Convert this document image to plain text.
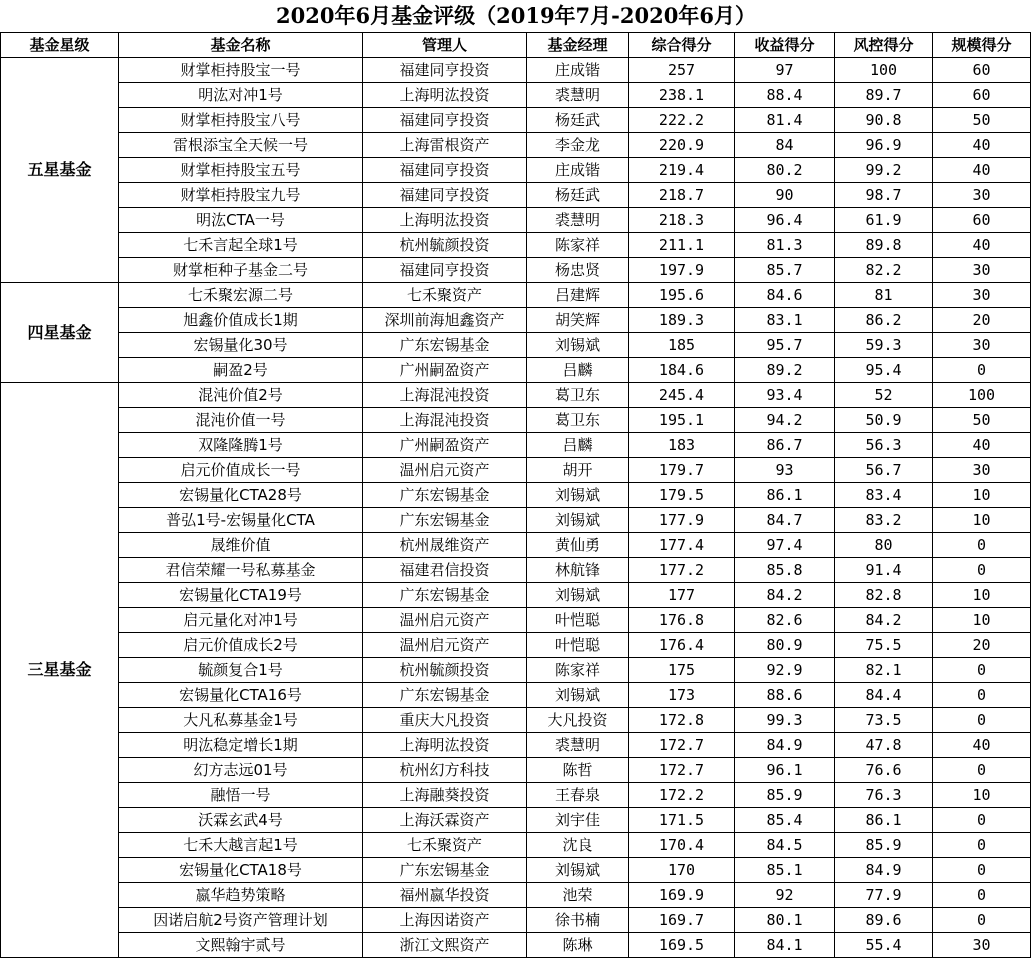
2020年6月基金评级（2019年7月-2020年6月）
基金星级	基金名称	管理人	基金经理	综合得分	收益得分	风控得分	规模得分
五星基金	财掌柜持股宝一号	福建同亨投资	庄成锴	257	97	100	60
	明汯对冲1号	上海明汯投资	裘慧明	238.1	88.4	89.7	60
	财掌柜持股宝八号	福建同亨投资	杨廷武	222.2	81.4	90.8	50
	雷根添宝全天候一号	上海雷根资产	李金龙	220.9	84	96.9	40
	财掌柜持股宝五号	福建同亨投资	庄成锴	219.4	80.2	99.2	40
	财掌柜持股宝九号	福建同亨投资	杨廷武	218.7	90	98.7	30
	明汯CTA一号	上海明汯投资	裘慧明	218.3	96.4	61.9	60
	七禾言起全球1号	杭州毓颜投资	陈家祥	211.1	81.3	89.8	40
	财掌柜种子基金二号	福建同亨投资	杨忠贤	197.9	85.7	82.2	30
四星基金	七禾聚宏源二号	七禾聚资产	吕建辉	195.6	84.6	81	30
	旭鑫价值成长1期	深圳前海旭鑫资产	胡笑辉	189.3	83.1	86.2	20
	宏锡量化30号	广东宏锡基金	刘锡斌	185	95.7	59.3	30
	嗣盈2号	广州嗣盈资产	吕麟	184.6	89.2	95.4	0
三星基金	混沌价值2号	上海混沌投资	葛卫东	245.4	93.4	52	100
	混沌价值一号	上海混沌投资	葛卫东	195.1	94.2	50.9	50
	双隆隆腾1号	广州嗣盈资产	吕麟	183	86.7	56.3	40
	启元价值成长一号	温州启元资产	胡开	179.7	93	56.7	30
	宏锡量化CTA28号	广东宏锡基金	刘锡斌	179.5	86.1	83.4	10
	普弘1号-宏锡量化CTA	广东宏锡基金	刘锡斌	177.9	84.7	83.2	10
	晟维价值	杭州晟维资产	黄仙勇	177.4	97.4	80	0
	君信荣耀一号私募基金	福建君信投资	林航锋	177.2	85.8	91.4	0
	宏锡量化CTA19号	广东宏锡基金	刘锡斌	177	84.2	82.8	10
	启元量化对冲1号	温州启元资产	叶恺聪	176.8	82.6	84.2	10
	启元价值成长2号	温州启元资产	叶恺聪	176.4	80.9	75.5	20
	毓颜复合1号	杭州毓颜投资	陈家祥	175	92.9	82.1	0
	宏锡量化CTA16号	广东宏锡基金	刘锡斌	173	88.6	84.4	0
	大凡私募基金1号	重庆大凡投资	大凡投资	172.8	99.3	73.5	0
	明汯稳定增长1期	上海明汯投资	裘慧明	172.7	84.9	47.8	40
	幻方志远01号	杭州幻方科技	陈哲	172.7	96.1	76.6	0
	融悟一号	上海融葵投资	王春泉	172.2	85.9	76.3	10
	沃霖玄武4号	上海沃霖资产	刘宇佳	171.5	85.4	86.1	0
	七禾大越言起1号	七禾聚资产	沈良	170.4	84.5	85.9	0
	宏锡量化CTA18号	广东宏锡基金	刘锡斌	170	85.1	84.9	0
	嬴华趋势策略	福州嬴华投资	池荣	169.9	92	77.9	0
	因诺启航2号资产管理计划	上海因诺资产	徐书楠	169.7	80.1	89.6	0
	文熙翰宇贰号	浙江文熙资产	陈琳	169.5	84.1	55.4	30
